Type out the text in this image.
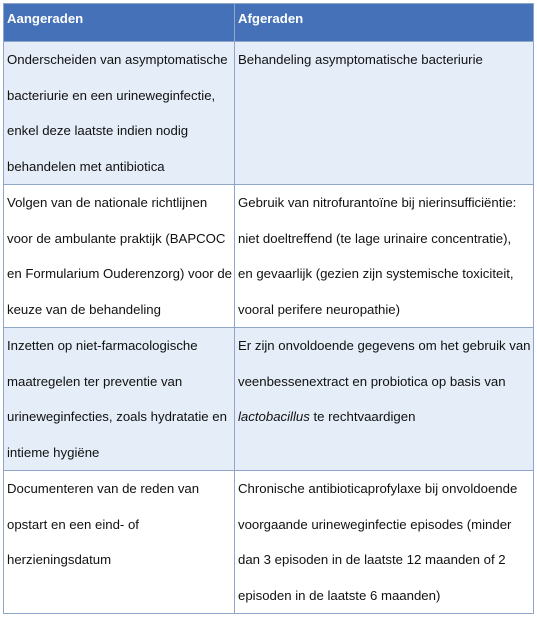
Aangeraden	Afgeraden

Onderscheiden van asymptomatische
bacteriurie en een urineweginfectie,
enkel deze laatste indien nodig
behandelen met antibiotica	Behandeling asymptomatische bacteriurie

Volgen van de nationale richtlijnen
voor de ambulante praktijk (BAPCOC
en Formularium Ouderenzorg) voor de
keuze van de behandeling	Gebruik van nitrofurantoïne bij nierinsufficiëntie:
niet doeltreffend (te lage urinaire concentratie),
en gevaarlijk (gezien zijn systemische toxiciteit,
vooral perifere neuropathie)

Inzetten op niet-farmacologische
maatregelen ter preventie van
urineweginfecties, zoals hydratatie en
intieme hygiëne	Er zijn onvoldoende gegevens om het gebruik van
veenbessenextract en probiotica op basis van
lactobacillus te rechtvaardigen

Documenteren van de reden van
opstart en een eind- of
herzieningsdatum	Chronische antibioticaprofylaxe bij onvoldoende
voorgaande urineweginfectie episodes (minder
dan 3 episoden in de laatste 12 maanden of 2
episoden in de laatste 6 maanden)
